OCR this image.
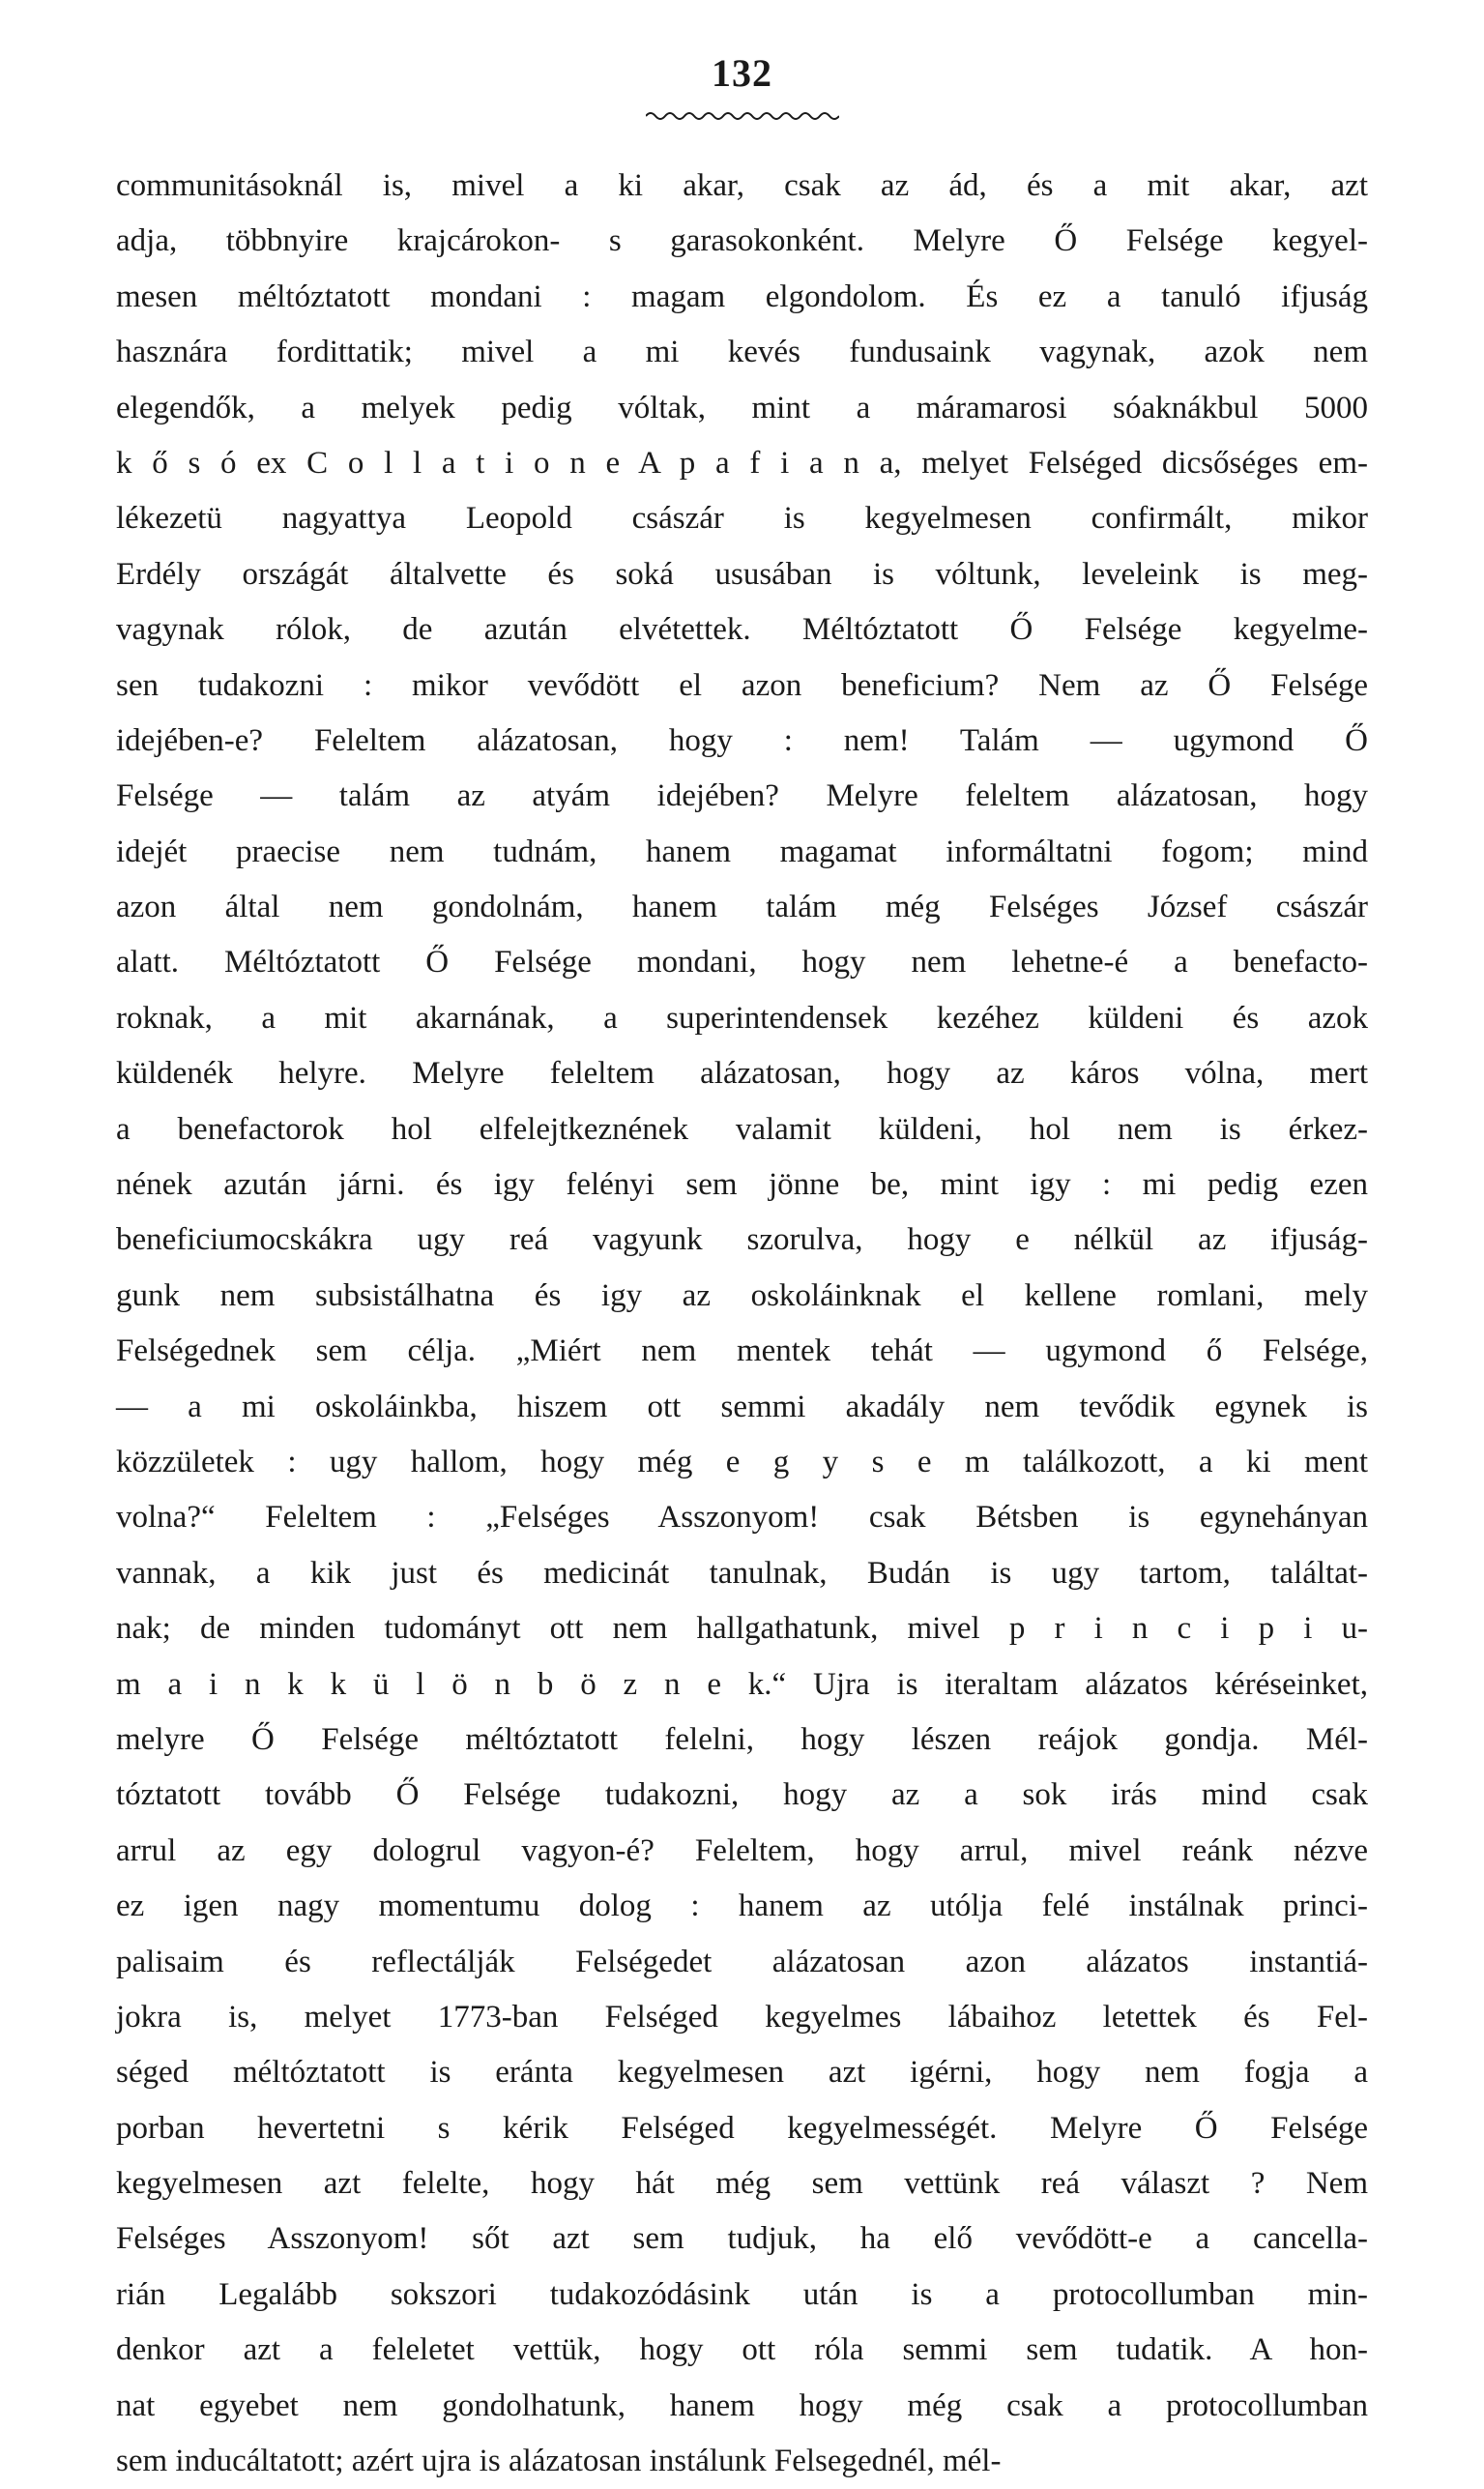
132
communitásoknál is, mivel a ki akar, csak az ád, és a mit akar, azt
adja, többnyire krajcárokon- s garasokonként. Melyre Ő Felsége kegyel-
mesen méltóztatott mondani : magam elgondolom. És ez a tanuló ifjuság
hasznára fordittatik; mivel a mi kevés fundusaink vagynak, azok nem
elegendők, a melyek pedig vóltak, mint a máramarosi sóaknákbul 5000
k ő s ó ex C o l l a t i o n e A p a f i a n a, melyet Felséged dicsőséges em-
lékezetü nagyattya Leopold császár is kegyelmesen confirmált, mikor
Erdély országát általvette és soká ususában is vóltunk, leveleink is meg-
vagynak rólok, de azután elvétettek. Méltóztatott Ő Felsége kegyelme-
sen tudakozni : mikor vevődött el azon beneficium? Nem az Ő Felsége
idejében-e? Feleltem alázatosan, hogy : nem! Talám — ugymond Ő
Felsége — talám az atyám idejében? Melyre feleltem alázatosan, hogy
idejét praecise nem tudnám, hanem magamat informáltatni fogom; mind
azon által nem gondolnám, hanem talám még Felséges József császár
alatt. Méltóztatott Ő Felsége mondani, hogy nem lehetne-é a benefacto-
roknak, a mit akarnának, a superintendensek kezéhez küldeni és azok
küldenék helyre. Melyre feleltem alázatosan, hogy az káros vólna, mert
a benefactorok hol elfelejtkeznének valamit küldeni, hol nem is érkez-
nének azután járni. és igy felényi sem jönne be, mint igy : mi pedig ezen
beneficiumocskákra ugy reá vagyunk szorulva, hogy e nélkül az ifjuság-
gunk nem subsistálhatna és igy az oskoláinknak el kellene romlani, mely
Felségednek sem célja. „Miért nem mentek tehát — ugymond ő Felsége,
— a mi oskoláinkba, hiszem ott semmi akadály nem tevődik egynek is
közzületek : ugy hallom, hogy még e g y s e m találkozott, a ki ment
volna?“ Feleltem : „Felséges Asszonyom! csak Bétsben is egynehányan
vannak, a kik just és medicinát tanulnak, Budán is ugy tartom, találtat-
nak; de minden tudományt ott nem hallgathatunk, mivel p r i n c i p i u-
m a i n k k ü l ö n b ö z n e k.“ Ujra is iteraltam alázatos kéréseinket,
melyre Ő Felsége méltóztatott felelni, hogy lészen reájok gondja. Mél-
tóztatott tovább Ő Felsége tudakozni, hogy az a sok irás mind csak
arrul az egy dologrul vagyon-é? Feleltem, hogy arrul, mivel reánk nézve
ez igen nagy momentumu dolog : hanem az utólja felé instálnak princi-
palisaim és reflectálják Felségedet alázatosan azon alázatos instantiá-
jokra is, melyet 1773-ban Felséged kegyelmes lábaihoz letettek és Fel-
séged méltóztatott is eránta kegyelmesen azt igérni, hogy nem fogja a
porban hevertetni s kérik Felséged kegyelmességét. Melyre Ő Felsége
kegyelmesen azt felelte, hogy hát még sem vettünk reá választ ? Nem
Felséges Asszonyom! sőt azt sem tudjuk, ha elő vevődött-e a cancella-
rián Legalább sokszori tudakozódásink után is a protocollumban min-
denkor azt a feleletet vettük, hogy ott róla semmi sem tudatik. A hon-
nat egyebet nem gondolhatunk, hanem hogy még csak a protocollumban
sem inducáltatott; azért ujra is alázatosan instálunk Felsegednél, mél-
